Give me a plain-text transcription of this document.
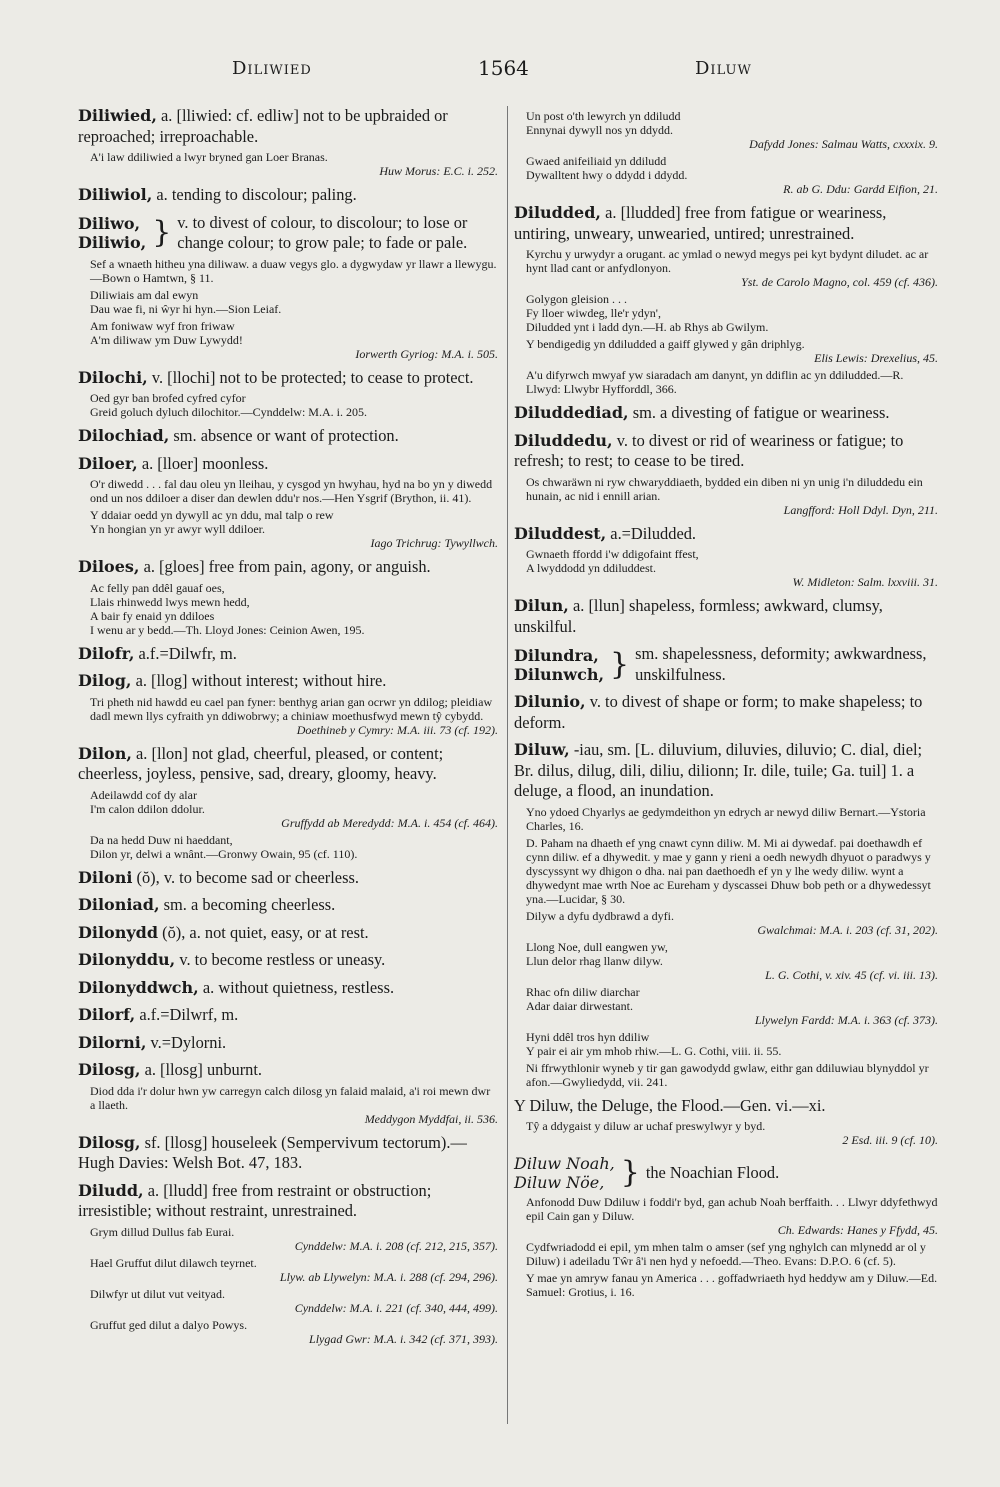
Diliwied	1564	Diluw
Diliwied, a. [lliwied: cf. edliw] not to be upbraided or reproached; irreproachable.
A'i law ddiliwied a lwyr bryned gan Loer Branas.
Huw Morus: E.C. i. 252.
Diliwiol, a. tending to discolour; paling.
Diliwo,
Diliwio, } v. to divest of colour, to discolour; to lose or change colour; to grow pale; to fade or pale.
Sef a wnaeth hitheu yna diliwaw. a duaw vegys glo. a dygwydaw yr llawr a llewygu.—Bown o Hamtwn, § 11.
Diliwiais am dal ewyn
Dau wae fi, ni ŵyr hi hyn.—Sion Leiaf.
Am foniwaw wyf fron friwaw
A'm diliwaw ym Duw Lywydd!
Iorwerth Gyriog: M.A. i. 505.
Dilochi, v. [llochi] not to be protected; to cease to protect.
Oed gyr ban brofed cyfred cyfor
Greid goluch dyluch dilochitor.—Cynddelw: M.A. i. 205.
Dilochiad, sm. absence or want of protection.
Diloer, a. [lloer] moonless.
O'r diwedd . . . fal dau oleu yn lleihau, y cysgod yn hwyhau, hyd na bo yn y diwedd ond un nos ddiloer a diser dan dewlen ddu'r nos.—Hen Ysgrif (Brython, ii. 41).
Y ddaiar oedd yn dywyll ac yn ddu, mal talp o rew
Yn hongian yn yr awyr wyll ddiloer.
Iago Trichrug: Tywyllwch.
Diloes, a. [gloes] free from pain, agony, or anguish.
Ac felly pan ddêl gauaf oes,
Llais rhinwedd lwys mewn hedd,
A bair fy enaid yn ddiloes
I wenu ar y bedd.—Th. Lloyd Jones: Ceinion Awen, 195.
Dilofr, a.f.=Dilwfr, m.
Dilog, a. [llog] without interest; without hire.
Tri pheth nid hawdd eu cael pan fyner: benthyg arian gan ocrwr yn ddilog; pleidiaw dadl mewn llys cyfraith yn ddiwobrwy; a chiniaw moethusfwyd mewn tŷ cybydd.
Doethineb y Cymry: M.A. iii. 73 (cf. 192).
Dilon, a. [llon] not glad, cheerful, pleased, or content; cheerless, joyless, pensive, sad, dreary, gloomy, heavy.
Adeilawdd cof dy alar
I'm calon ddilon ddolur.
Gruffydd ab Meredydd: M.A. i. 454 (cf. 464).
Da na hedd Duw ni haeddant,
Dilon yr, delwi a wnânt.—Gronwy Owain, 95 (cf. 110).
Diloni (ŏ), v. to become sad or cheerless.
Diloniad, sm. a becoming cheerless.
Dilonydd (ŏ), a. not quiet, easy, or at rest.
Dilonyddu, v. to become restless or uneasy.
Dilonyddwch, a. without quietness, restless.
Dilorf, a.f.=Dilwrf, m.
Dilorni, v.=Dylorni.
Dilosg, a. [llosg] unburnt.
Diod dda i'r dolur hwn yw carregyn calch dilosg yn falaid malaid, a'i roi mewn dwr a llaeth.
Meddygon Myddfai, ii. 536.
Dilosg, sf. [llosg] houseleek (Sempervivum tectorum).—Hugh Davies: Welsh Bot. 47, 183.
Diludd, a. [lludd] free from restraint or obstruction; irresistible; without restraint, unrestrained.
Grym dillud Dullus fab Eurai.
Cynddelw: M.A. i. 208 (cf. 212, 215, 357).
Hael Gruffut dilut dilawch teyrnet.
Llyw. ab Llywelyn: M.A. i. 288 (cf. 294, 296).
Dilwfyr ut dilut vut veityad.
Cynddelw: M.A. i. 221 (cf. 340, 444, 499).
Gruffut ged dilut a dalyo Powys.
Llygad Gwr: M.A. i. 342 (cf. 371, 393).
Un post o'th lewyrch yn ddiludd
Ennynai dywyll nos yn ddydd.
Dafydd Jones: Salmau Watts, cxxxix. 9.
Gwaed anifeiliaid yn ddiludd
Dywalltent hwy o ddydd i ddydd.
R. ab G. Ddu: Gardd Eifion, 21.
Diludded, a. [lludded] free from fatigue or weariness, untiring, unweary, unwearied, untired; unrestrained.
Kyrchu y urwydyr a orugant. ac ymlad o newyd megys pei kyt bydynt diludet. ac ar hynt llad cant or anfydlonyon.
Yst. de Carolo Magno, col. 459 (cf. 436).
Golygon gleision . . .
Fy lloer wiwdeg, lle'r ydyn',
Diludded ynt i ladd dyn.—H. ab Rhys ab Gwilym.
Y bendigedig yn ddiludded a gaiff glywed y gân driphlyg.
Elis Lewis: Drexelius, 45.
A'u difyrwch mwyaf yw siaradach am danynt, yn ddiflin ac yn ddiludded.—R. Llwyd: Llwybr Hyfforddl, 366.
Diluddediad, sm. a divesting of fatigue or weariness.
Diluddedu, v. to divest or rid of weariness or fatigue; to refresh; to rest; to cease to be tired.
Os chwaräwn ni ryw chwaryddiaeth, bydded ein diben ni yn unig i'n diluddedu ein hunain, ac nid i ennill arian.
Langfford: Holl Ddyl. Dyn, 211.
Diluddest, a.=Diludded.
Gwnaeth ffordd i'w ddigofaint ffest,
A lwyddodd yn ddiluddest.
W. Midleton: Salm. lxxviii. 31.
Dilun, a. [llun] shapeless, formless; awkward, clumsy, unskilful.
Dilundra,
Dilunwch, } sm. shapelessness, deformity; awkwardness, unskilfulness.
Dilunio, v. to divest of shape or form; to make shapeless; to deform.
Diluw, -iau, sm. [L. diluvium, diluvies, diluvio; C. dial, diel; Br. dilus, dilug, dili, diliu, dilionn; Ir. dile, tuile; Ga. tuil] 1. a deluge, a flood, an inundation.
Yno ydoed Chyarlys ae gedymdeithon yn edrych ar newyd diliw Bernart.—Ystoria Charles, 16.
D. Paham na dhaeth ef yng cnawt cynn diliw. M. Mi ai dywedaf. pai doethawdh ef cynn diliw. ef a dhywedit. y mae y gann y rieni a oedh newydh dhyuot o paradwys y dyscyssynt wy dhigon o dha. nai pan daethoedh ef yn y lhe wedy diliw. wynt a dhywedynt mae wrth Noe ac Eureham y dyscassei Dhuw bob peth or a dhywedessyt yna.—Lucidar, § 30.
Dilyw a dyfu dydbrawd a dyfi.
Gwalchmai: M.A. i. 203 (cf. 31, 202).
Llong Noe, dull eangwen yw,
Llun delor rhag llanw dilyw.
L. G. Cothi, v. xiv. 45 (cf. vi. iii. 13).
Rhac ofn diliw diarchar
Adar daiar dirwestant.
Llywelyn Fardd: M.A. i. 363 (cf. 373).
Hyni ddêl tros hyn ddiliw
Y pair ei air ym mhob rhiw.—L. G. Cothi, viii. ii. 55.
Ni ffrwythlonir wyneb y tir gan gawodydd gwlaw, eithr gan ddiluwiau blynyddol yr afon.—Gwyliedydd, vii. 241.
Y Diluw, the Deluge, the Flood.—Gen. vi.—xi.
Tŷ a ddygaist y diluw ar uchaf preswylwyr y byd.
2 Esd. iii. 9 (cf. 10).
Diluw Noah,
Diluw Nöe, } the Noachian Flood.
Anfonodd Duw Ddiluw i foddi'r byd, gan achub Noah berffaith. . . Llwyr ddyfethwyd epil Cain gan y Diluw.
Ch. Edwards: Hanes y Ffydd, 45.
Cydfwriadodd ei epil, ym mhen talm o amser (sef yng nghylch can mlynedd ar ol y Diluw) i adeiladu Tŵr â'i nen hyd y nefoedd.—Theo. Evans: D.P.O. 6 (cf. 5).
Y mae yn amryw fanau yn America . . . goffadwriaeth hyd heddyw am y Diluw.—Ed. Samuel: Grotius, i. 16.
